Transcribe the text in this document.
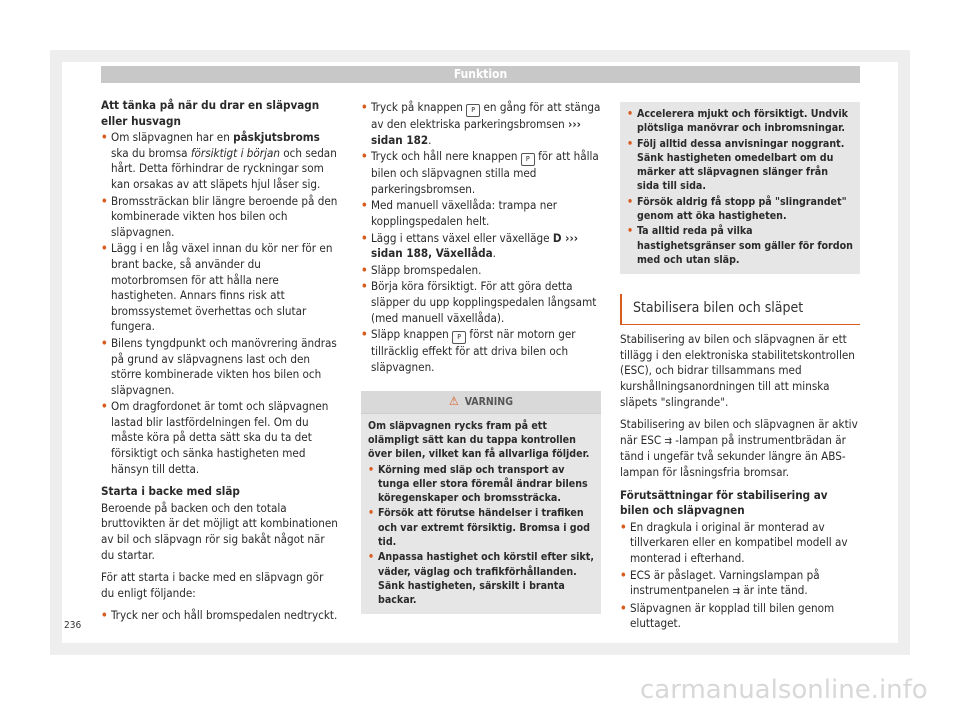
Funktion

Att tänka på när du drar en släpvagn eller husvagn

• Om släpvagnen har en påskjutsbroms ska du bromsa försiktigt i början och sedan hårt. Detta förhindrar de ryckningar som kan orsakas av att släpets hjul låser sig.
• Bromssträckan blir längre beroende på den kombinerade vikten hos bilen och släpvagnen.
• Lägg i en låg växel innan du kör ner för en brant backe, så använder du motorbromsen för att hålla nere hastigheten. Annars finns risk att bromssystemet överhettas och slutar fungera.
• Bilens tyngdpunkt och manövrering ändras på grund av släpvagnens last och den större kombinerade vikten hos bilen och släpvagnen.
• Om dragfordonet är tomt och släpvagnen lastad blir lastfördelningen fel. Om du måste köra på detta sätt ska du ta det försiktigt och sänka hastigheten med hänsyn till detta.

Starta i backe med släp

Beroende på backen och den totala bruttovikten är det möjligt att kombinationen av bil och släpvagn rör sig bakåt något när du startar.

För att starta i backe med en släpvagn gör du enligt följande:

• Tryck ner och håll bromspedalen nedtryckt.
• Tryck på knappen P en gång för att stänga av den elektriska parkeringsbromsen ››› sidan 182.
• Tryck och håll nere knappen P för att hålla bilen och släpvagnen stilla med parkeringsbromsen.
• Med manuell växellåda: trampa ner kopplingspedalen helt.
• Lägg i ettans växel eller växelläge D ››› sidan 188, Växellåda.
• Släpp bromspedalen.
• Börja köra försiktigt. För att göra detta släpper du upp kopplingspedalen långsamt (med manuell växellåda).
• Släpp knappen P först när motorn ger tillräcklig effekt för att driva bilen och släpvagnen.
⚠ VARNING

Om släpvagnen rycks fram på ett olämpligt sätt kan du tappa kontrollen över bilen, vilket kan få allvarliga följder.

• Körning med släp och transport av tunga eller stora föremål ändrar bilens köregenskaper och bromssträcka.
• Försök att förutse händelser i trafiken och var extremt försiktig. Bromsa i god tid.
• Anpassa hastighet och körstil efter sikt, väder, väglag och trafikförhållanden. Sänk hastigheten, särskilt i branta backar.
• Accelerera mjukt och försiktigt. Undvik plötsliga manövrar och inbromsningar.
• Följ alltid dessa anvisningar noggrant. Sänk hastigheten omedelbart om du märker att släpvagnen slänger från sida till sida.
• Försök aldrig få stopp på "slingrandet" genom att öka hastigheten.
• Ta alltid reda på vilka hastighetsgränser som gäller för fordon med och utan släp.
Stabilisera bilen och släpet

Stabilisering av bilen och släpvagnen är ett tillägg i den elektroniska stabilitetskontrollen (ESC), och bidrar tillsammans med kurshållningsanordningen till att minska släpets "slingrande".

Stabilisering av bilen och släpvagnen är aktiv när ESC ⇉ -lampan på instrumentbrädan är tänd i ungefär två sekunder längre än ABS-lampan för låsningsfria bromsar.

Förutsättningar för stabilisering av bilen och släpvagnen

• En dragkula i original är monterad av tillverkaren eller en kompatibel modell av monterad i efterhand.
• ECS är påslaget. Varningslampan på instrumentpanelen ⇉ är inte tänd.
• Släpvagnen är kopplad till bilen genom eluttaget.
236
carmanualsonline.info
